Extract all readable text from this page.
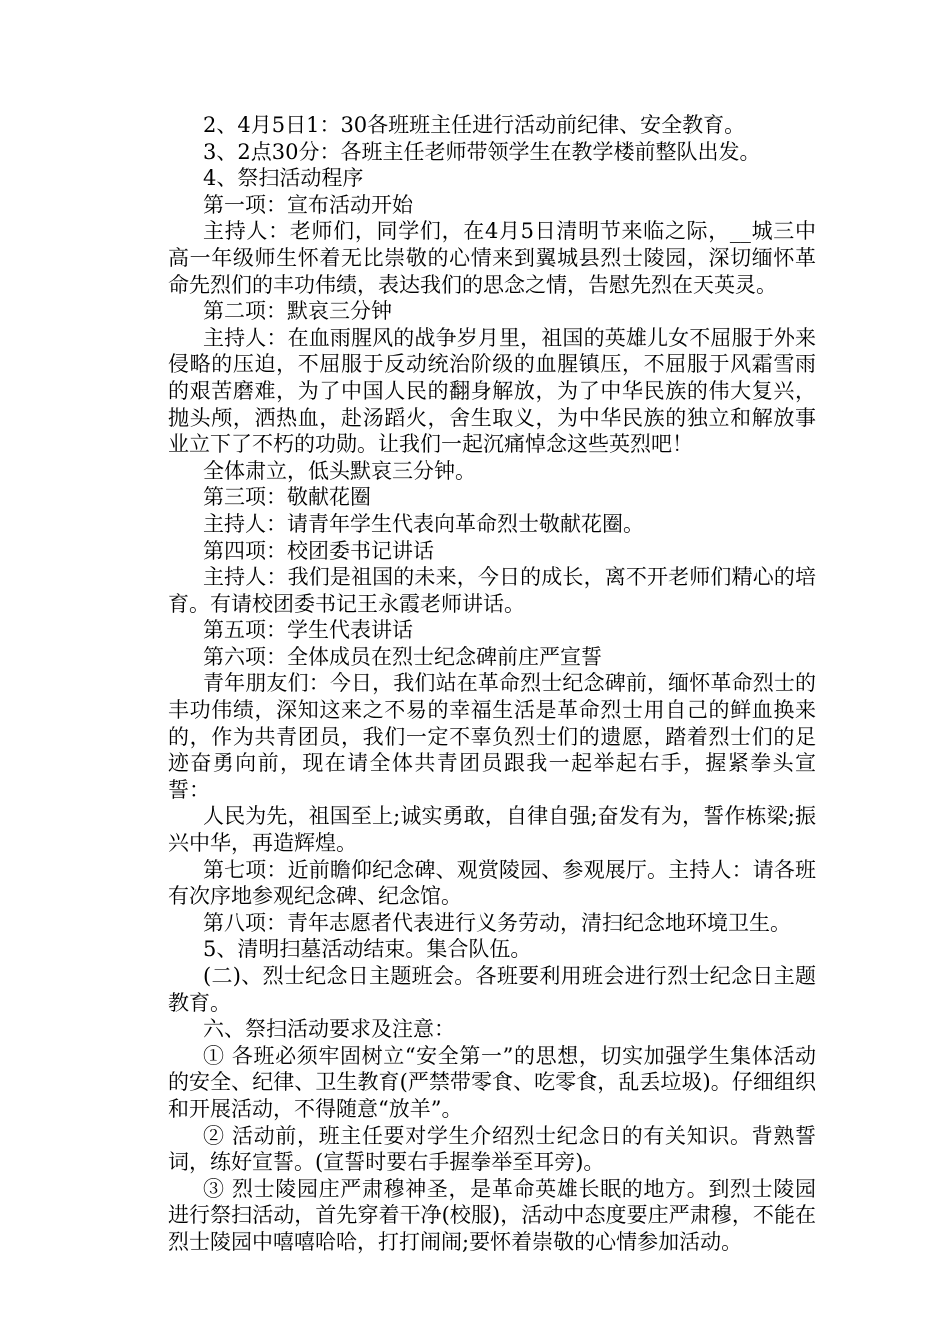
2、4月5日1：30各班班主任进行活动前纪律、安全教育。

3、2点30分：各班主任老师带领学生在教学楼前整队出发。

4、祭扫活动程序

第一项：宣布活动开始

主持人：老师们，同学们，在4月5日清明节来临之际，__城三中高一年级师生怀着无比崇敬的心情来到翼城县烈士陵园，深切缅怀革命先烈们的丰功伟绩，表达我们的思念之情，告慰先烈在天英灵。

第二项：默哀三分钟

主持人：在血雨腥风的战争岁月里，祖国的英雄儿女不屈服于外来侵略的压迫，不屈服于反动统治阶级的血腥镇压，不屈服于风霜雪雨的艰苦磨难，为了中国人民的翻身解放，为了中华民族的伟大复兴，抛头颅，洒热血，赴汤蹈火，舍生取义，为中华民族的独立和解放事业立下了不朽的功勋。让我们一起沉痛悼念这些英烈吧！

全体肃立，低头默哀三分钟。

第三项：敬献花圈

主持人：请青年学生代表向革命烈士敬献花圈。

第四项：校团委书记讲话

主持人：我们是祖国的未来，今日的成长，离不开老师们精心的培育。有请校团委书记王永霞老师讲话。

第五项：学生代表讲话

第六项：全体成员在烈士纪念碑前庄严宣誓

青年朋友们：今日，我们站在革命烈士纪念碑前，缅怀革命烈士的丰功伟绩，深知这来之不易的幸福生活是革命烈士用自己的鲜血换来的，作为共青团员，我们一定不辜负烈士们的遗愿，踏着烈士们的足迹奋勇向前，现在请全体共青团员跟我一起举起右手，握紧拳头宣誓：

人民为先，祖国至上;诚实勇敢，自律自强;奋发有为，誓作栋梁;振兴中华，再造辉煌。

第七项：近前瞻仰纪念碑、观赏陵园、参观展厅。主持人：请各班有次序地参观纪念碑、纪念馆。

第八项：青年志愿者代表进行义务劳动，清扫纪念地环境卫生。

5、清明扫墓活动结束。集合队伍。

(二)、烈士纪念日主题班会。各班要利用班会进行烈士纪念日主题教育。

六、祭扫活动要求及注意：

① 各班必须牢固树立“安全第一”的思想，切实加强学生集体活动的安全、纪律、卫生教育(严禁带零食、吃零食，乱丢垃圾)。仔细组织和开展活动，不得随意“放羊”。

② 活动前，班主任要对学生介绍烈士纪念日的有关知识。背熟誓词，练好宣誓。(宣誓时要右手握拳举至耳旁)。

③ 烈士陵园庄严肃穆神圣，是革命英雄长眠的地方。到烈士陵园进行祭扫活动，首先穿着干净(校服)，活动中态度要庄严肃穆，不能在烈士陵园中嘻嘻哈哈，打打闹闹;要怀着崇敬的心情参加活动。
